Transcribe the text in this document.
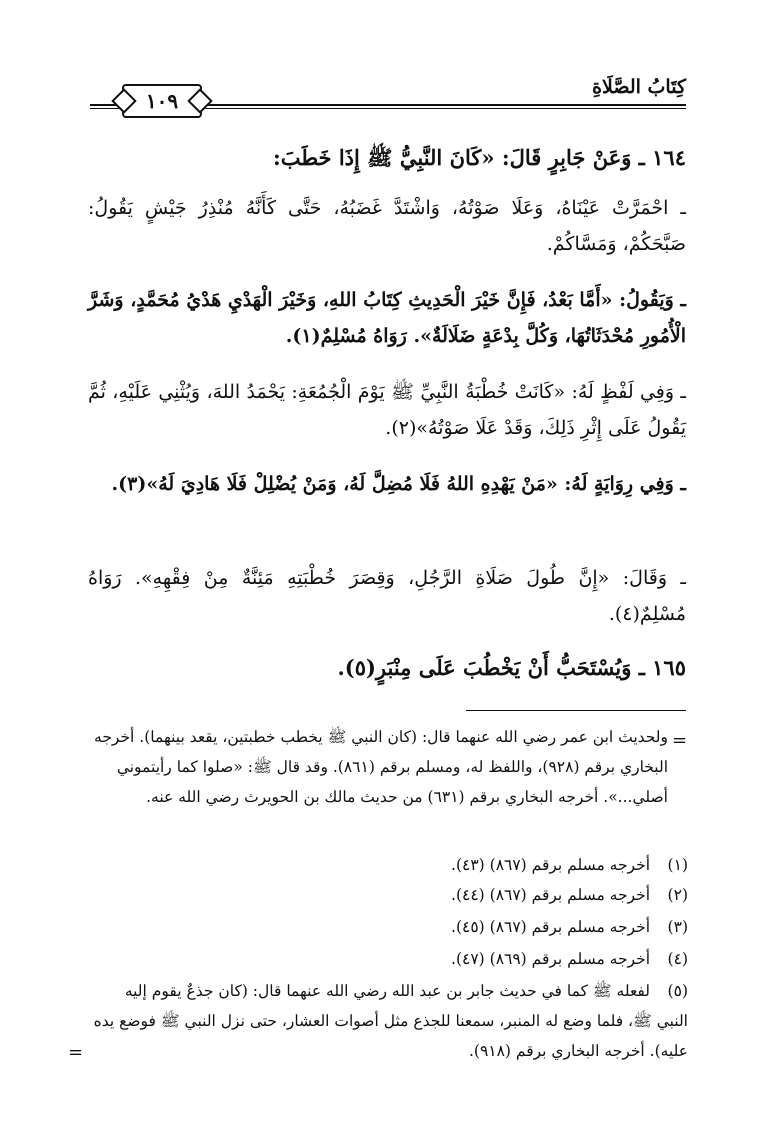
كِتَابُ الصَّلَاةِ
١٠٩
١٦٤ ـ وَعَنْ جَابِرٍ قَالَ: «كَانَ النَّبِيُّ ﷺ إِذَا خَطَبَ:
ـ احْمَرَّتْ عَيْنَاهُ، وَعَلَا صَوْتُهُ، وَاشْتَدَّ غَضَبُهُ، حَتَّى كَأَنَّهُ مُنْذِرُ جَيْشٍ يَقُولُ: صَبَّحَكُمْ، وَمَسَّاكُمْ.
ـ وَيَقُولُ: «أَمَّا بَعْدُ، فَإِنَّ خَيْرَ الْحَدِيثِ كِتَابُ اللهِ، وَخَيْرَ الْهَدْيِ هَدْيُ مُحَمَّدٍ، وَشَرَّ الْأُمُورِ مُحْدَثَاتُهَا، وَكُلَّ بِدْعَةٍ ضَلَالَةٌ». رَوَاهُ مُسْلِمٌ(١).
ـ وَفِي لَفْظٍ لَهُ: «كَانَتْ خُطْبَةُ النَّبِيِّ ﷺ يَوْمَ الْجُمُعَةِ: يَحْمَدُ اللهَ، وَيُثْنِي عَلَيْهِ، ثُمَّ يَقُولُ عَلَى إِثْرِ ذَلِكَ، وَقَدْ عَلَا صَوْتُهُ»(٢).
ـ وَفِي رِوَايَةٍ لَهُ: «مَنْ يَهْدِهِ اللهُ فَلَا مُضِلَّ لَهُ، وَمَنْ يُضْلِلْ فَلَا هَادِيَ لَهُ»(٣).
ـ وَقَالَ: «إِنَّ طُولَ صَلَاةِ الرَّجُلِ، وَقِصَرَ خُطْبَتِهِ مَئِنَّةٌ مِنْ فِقْهِهِ». رَوَاهُ مُسْلِمٌ(٤).
١٦٥ ـ وَيُسْتَحَبُّ أَنْ يَخْطُبَ عَلَى مِنْبَرٍ(٥).
=
ولحديث ابن عمر رضي الله عنهما قال: (كان النبي ﷺ يخطب خطبتين، يقعد بينهما). أخرجه البخاري برقم (٩٢٨)، واللفظ له، ومسلم برقم (٨٦١). وقد قال ﷺ: «صلوا كما رأيتموني أصلي...». أخرجه البخاري برقم (٦٣١) من حديث مالك بن الحويرث رضي الله عنه.
(١)أخرجه مسلم برقم (٨٦٧) (٤٣).
(٢)أخرجه مسلم برقم (٨٦٧) (٤٤).
(٣)أخرجه مسلم برقم (٨٦٧) (٤٥).
(٤)أخرجه مسلم برقم (٨٦٩) (٤٧).
(٥)لفعله ﷺ كما في حديث جابر بن عبد الله رضي الله عنهما قال: (كان جذعٌ يقوم إليه النبي ﷺ، فلما وضع له المنبر، سمعنا للجذع مثل أصوات العشار، حتى نزل النبي ﷺ فوضع يده عليه). أخرجه البخاري برقم (٩١٨).
=
